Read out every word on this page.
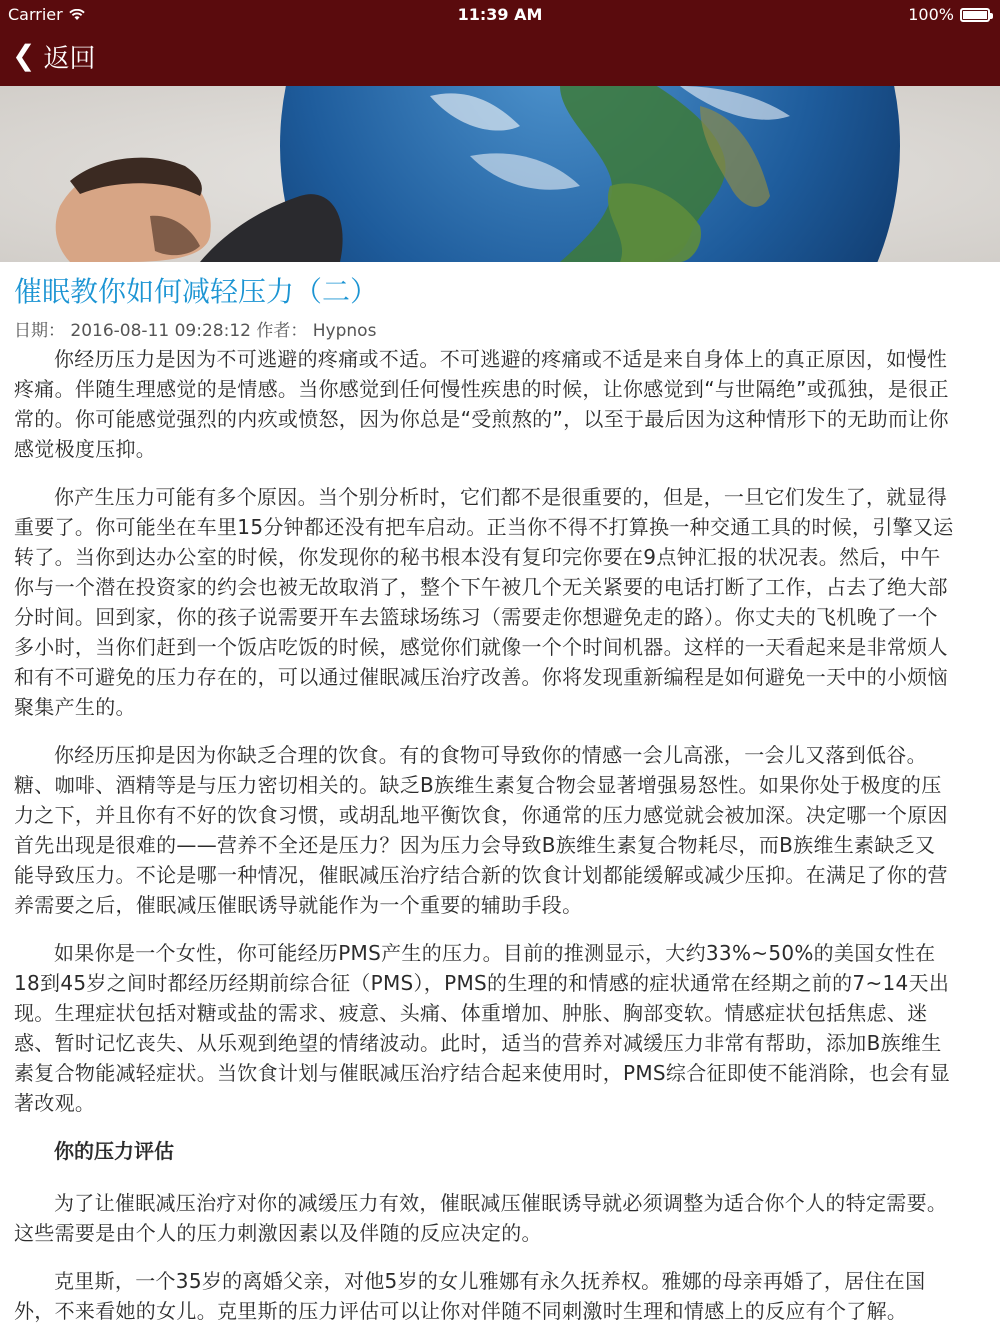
Carrier	11:39 AM	100%
❮ 返回
催眠教你如何减轻压力（二）
日期： 2016-08-11 09:28:12 作者： Hypnos

你经历压力是因为不可逃避的疼痛或不适。不可逃避的疼痛或不适是来自身体上的真正原因，如慢性疼痛。伴随生理感觉的是情感。当你感觉到任何慢性疾患的时候，让你感觉到“与世隔绝”或孤独，是很正常的。你可能感觉强烈的内疚或愤怒，因为你总是“受煎熬的”，以至于最后因为这种情形下的无助而让你感觉极度压抑。

你产生压力可能有多个原因。当个别分析时，它们都不是很重要的，但是，一旦它们发生了，就显得重要了。你可能坐在车里15分钟都还没有把车启动。正当你不得不打算换一种交通工具的时候，引擎又运转了。当你到达办公室的时候，你发现你的秘书根本没有复印完你要在9点钟汇报的状况表。然后，中午你与一个潜在投资家的约会也被无故取消了，整个下午被几个无关紧要的电话打断了工作，占去了绝大部分时间。回到家，你的孩子说需要开车去篮球场练习（需要走你想避免走的路）。你丈夫的飞机晚了一个多小时，当你们赶到一个饭店吃饭的时候，感觉你们就像一个个时间机器。这样的一天看起来是非常烦人和有不可避免的压力存在的，可以通过催眠减压治疗改善。你将发现重新编程是如何避免一天中的小烦恼聚集产生的。

你经历压抑是因为你缺乏合理的饮食。有的食物可导致你的情感一会儿高涨，一会儿又落到低谷。糖、咖啡、酒精等是与压力密切相关的。缺乏B族维生素复合物会显著增强易怒性。如果你处于极度的压力之下，并且你有不好的饮食习惯，或胡乱地平衡饮食，你通常的压力感觉就会被加深。决定哪一个原因首先出现是很难的——营养不全还是压力？因为压力会导致B族维生素复合物耗尽，而B族维生素缺乏又能导致压力。不论是哪一种情况，催眠减压治疗结合新的饮食计划都能缓解或减少压抑。在满足了你的营养需要之后，催眠减压催眠诱导就能作为一个重要的辅助手段。

如果你是一个女性，你可能经历PMS产生的压力。目前的推测显示，大约33%~50%的美国女性在18到45岁之间时都经历经期前综合征（PMS），PMS的生理的和情感的症状通常在经期之前的7~14天出现。生理症状包括对糖或盐的需求、疲意、头痛、体重增加、肿胀、胸部变软。情感症状包括焦虑、迷惑、暂时记忆丧失、从乐观到绝望的情绪波动。此时，适当的营养对减缓压力非常有帮助，添加B族维生素复合物能减轻症状。当饮食计划与催眠减压治疗结合起来使用时，PMS综合征即使不能消除，也会有显著改观。

你的压力评估

为了让催眠减压治疗对你的减缓压力有效，催眠减压催眠诱导就必须调整为适合你个人的特定需要。这些需要是由个人的压力刺激因素以及伴随的反应决定的。

克里斯，一个35岁的离婚父亲，对他5岁的女儿雅娜有永久抚养权。雅娜的母亲再婚了，居住在国外，不来看她的女儿。克里斯的压力评估可以让你对伴随不同刺激时生理和情感上的反应有个了解。
